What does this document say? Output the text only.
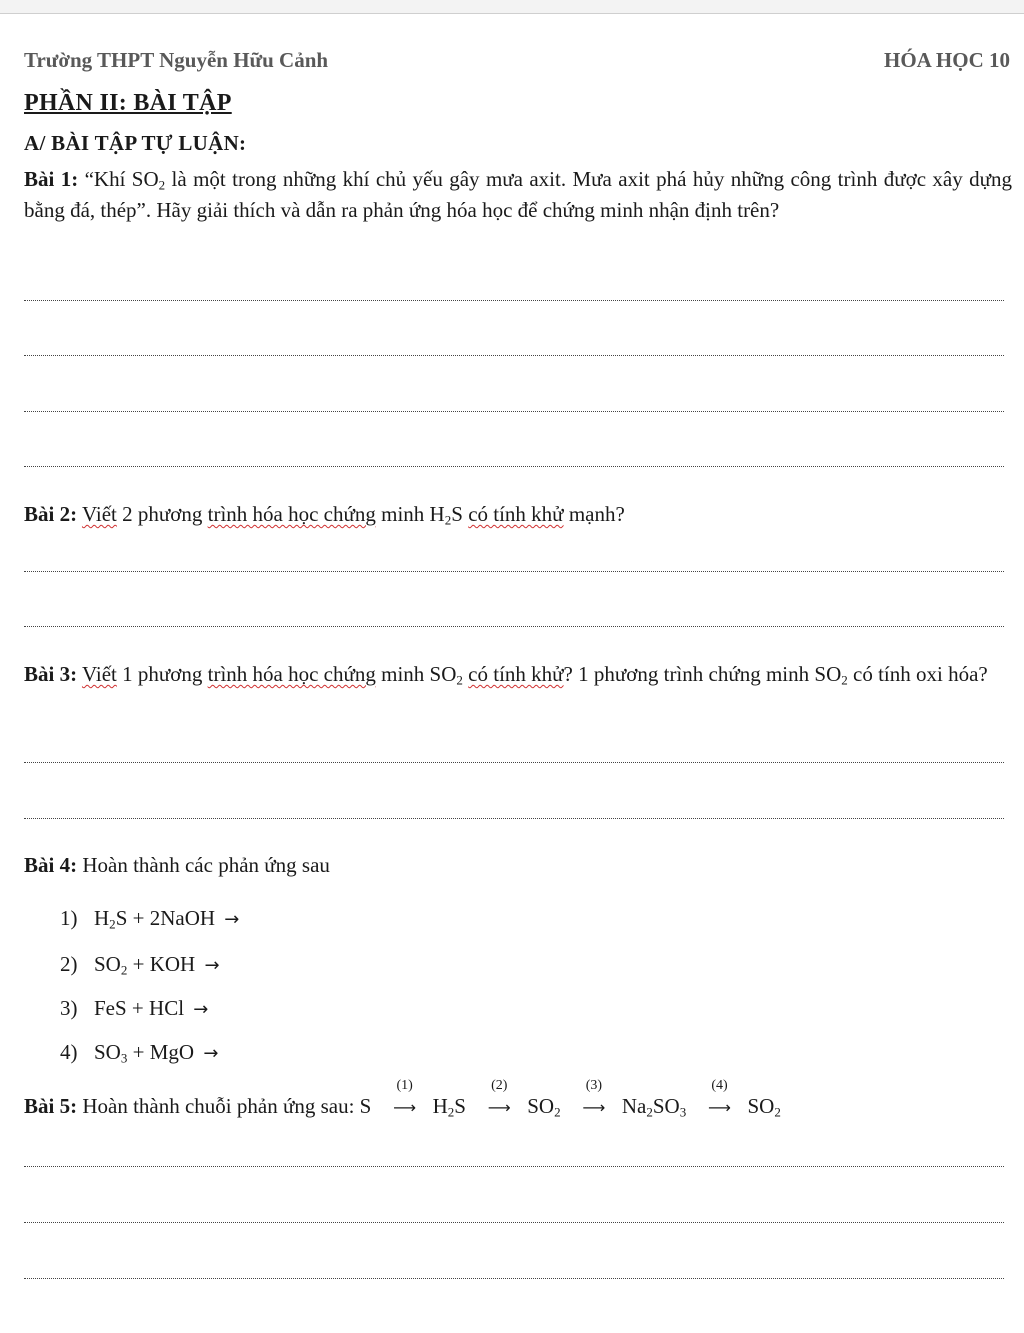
Trường THPT Nguyễn Hữu Cảnh	HÓA HỌC 10
PHẦN II: BÀI TẬP
A/ BÀI TẬP TỰ LUẬN:
Bài 1: “Khí $SO_2$ là một trong những khí chủ yếu gây mưa axit. Mưa axit phá hủy những công trình được xây dựng bằng đá, thép”. Hãy giải thích và dẫn ra phản ứng hóa học để chứng minh nhận định trên?
Bài 2: Viết 2 phương trình hóa học chứng minh $H_2S$ có tính khử mạnh?
Bài 3: Viết 1 phương trình hóa học chứng minh $SO_2$ có tính khử? 1 phương trình chứng minh $SO_2$ có tính oxi hóa?
Bài 4: Hoàn thành các phản ứng sau
1) $H_2S$ + 2NaOH →
2) $SO_2$ + KOH →
3) FeS + HCl →
4) $SO_3$ + MgO →
Bài 5: Hoàn thành chuỗi phản ứng sau: S
(1)
⟶ $H_2S$
(2)
⟶ $SO_2$
(3)
⟶ $Na_2SO_3$
(4)
⟶ $SO_2$
